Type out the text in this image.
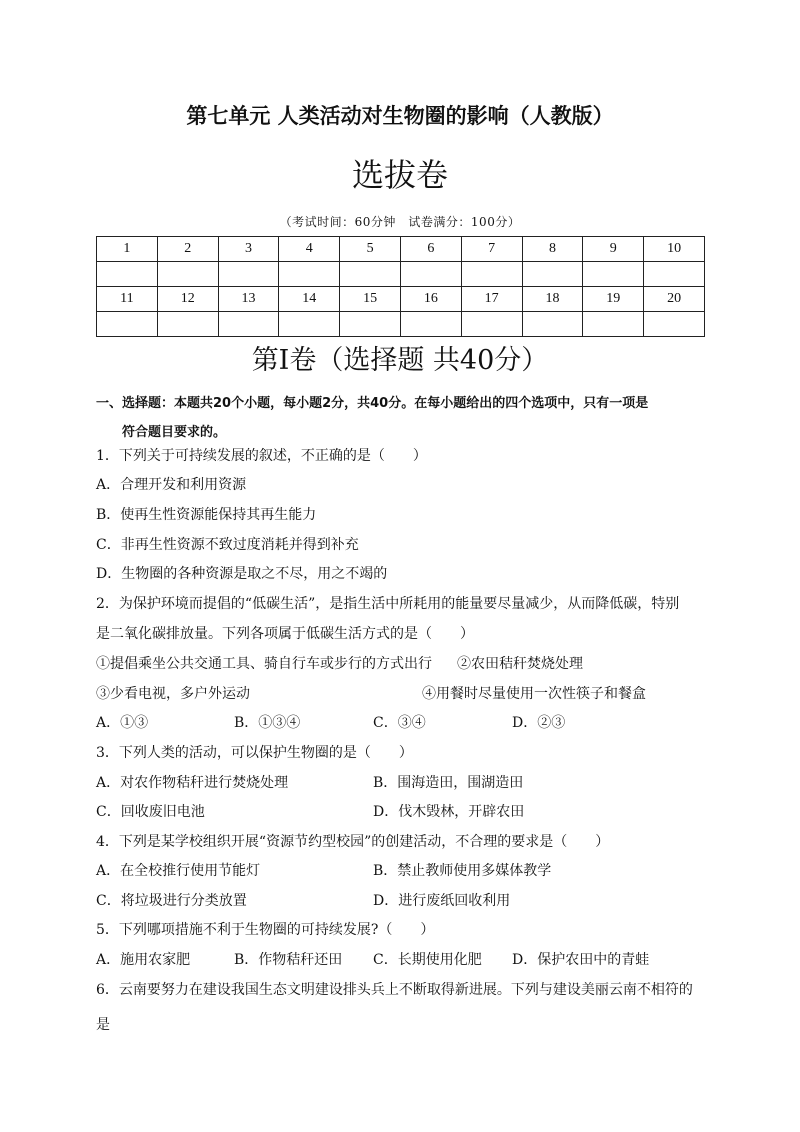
第七单元 人类活动对生物圈的影响（人教版）
选拔卷
（考试时间：60分钟　试卷满分：100分）
1	2	3	4	5	6	7	8	9	10

11	12	13	14	15	16	17	18	19	20

第Ⅰ卷（选择题 共40分）
一、选择题：本题共20个小题，每小题2分，共40分。在每小题给出的四个选项中，只有一项是
符合题目要求的。
1．下列关于可持续发展的叙述，不正确的是（　　）
A．合理开发和利用资源
B．使再生性资源能保持其再生能力
C．非再生性资源不致过度消耗并得到补充
D．生物圈的各种资源是取之不尽，用之不竭的
2．为保护环境而提倡的“低碳生活”，是指生活中所耗用的能量要尽量减少，从而降低碳，特别
是二氧化碳排放量。下列各项属于低碳生活方式的是（　　）
①提倡乘坐公共交通工具、骑自行车或步行的方式出行 ②农田秸秆焚烧处理
③少看电视，多户外运动	④用餐时尽量使用一次性筷子和餐盒
A．①③	B．①③④	C．③④	D．②③
3．下列人类的活动，可以保护生物圈的是（　　）
A．对农作物秸秆进行焚烧处理	B．围海造田，围湖造田
C．回收废旧电池	D．伐木毁林，开辟农田
4．下列是某学校组织开展“资源节约型校园”的创建活动，不合理的要求是（　　）
A．在全校推行使用节能灯	B．禁止教师使用多媒体教学
C．将垃圾进行分类放置	D．进行废纸回收利用
5．下列哪项措施不利于生物圈的可持续发展?（　　）
A．施用农家肥	B．作物秸秆还田 C．长期使用化肥 D．保护农田中的青蛙
6．云南要努力在建设我国生态文明建设排头兵上不断取得新进展。下列与建设美丽云南不相符的
是
